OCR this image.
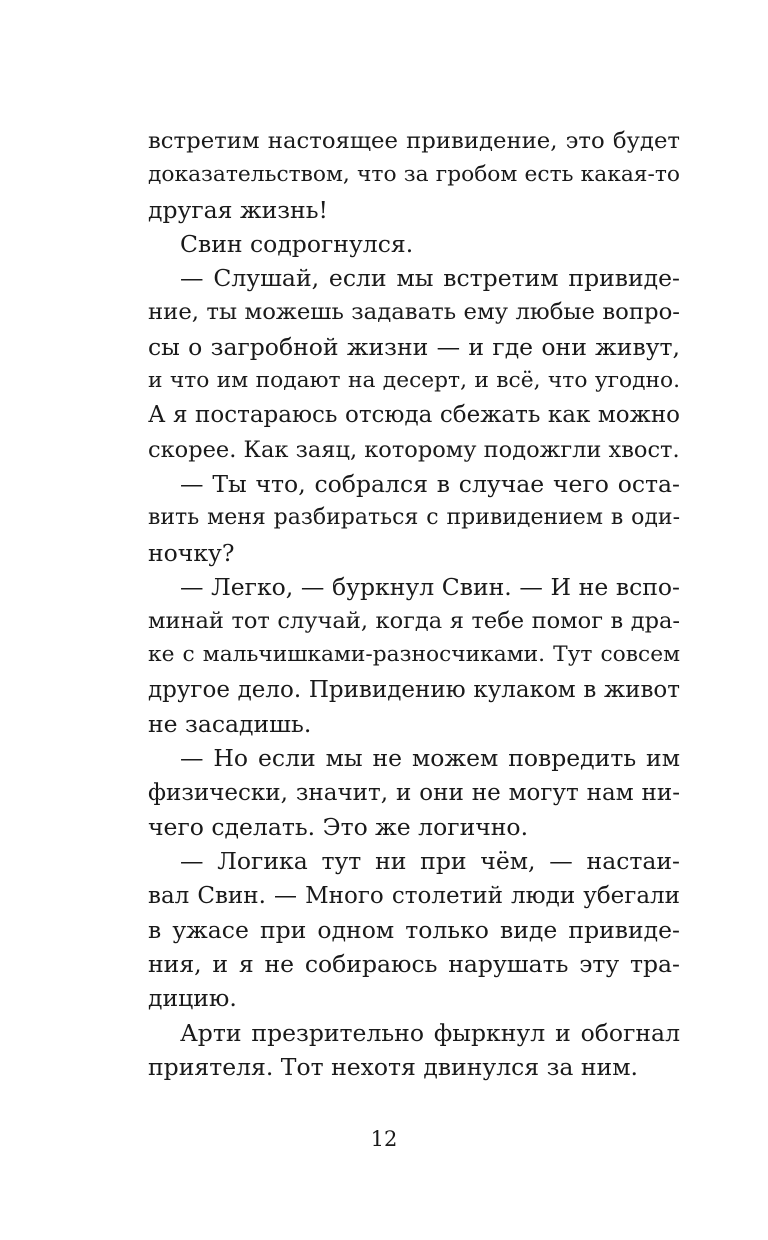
встретим настоящее привидение, это будет
доказательством, что за гробом есть какая-то
другая жизнь!
Свин содрогнулся.
— Слушай, если мы встретим привиде-
ние, ты можешь задавать ему любые вопро-
сы о загробной жизни — и где они живут,
и что им подают на десерт, и всё, что угодно.
А я постараюсь отсюда сбежать как можно
скорее. Как заяц, которому подожгли хвост.
— Ты что, собрался в случае чего оста-
вить меня разбираться с привидением в оди-
ночку?
— Легко, — буркнул Свин. — И не вспо-
минай тот случай, когда я тебе помог в дра-
ке с мальчишками-разносчиками. Тут совсем
другое дело. Привидению кулаком в живот
не засадишь.
— Но если мы не можем повредить им
физически, значит, и они не могут нам ни-
чего сделать. Это же логично.
— Логика тут ни при чём, — настаи-
вал Свин. — Много столетий люди убегали
в ужасе при одном только виде привиде-
ния, и я не собираюсь нарушать эту тра-
дицию.
Арти презрительно фыркнул и обогнал
приятеля. Тот нехотя двинулся за ним.
12
